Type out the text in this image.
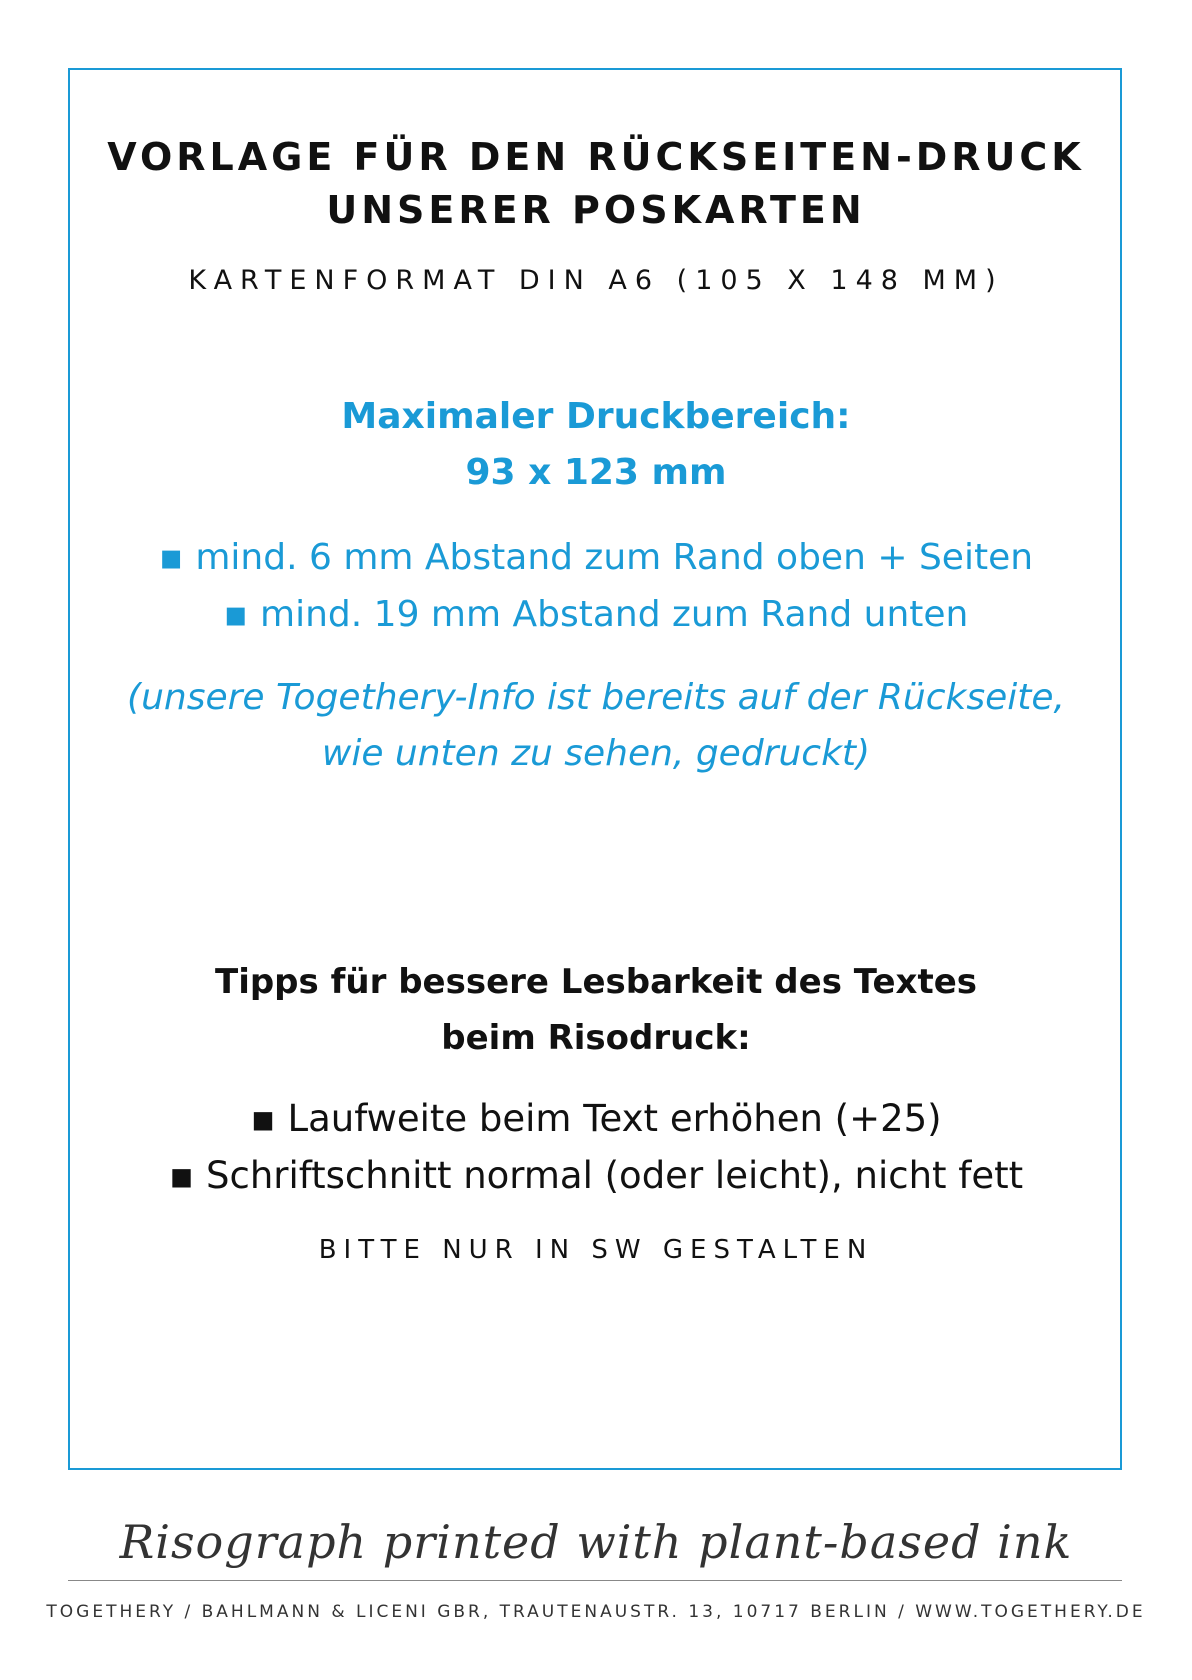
VORLAGE FÜR DEN RÜCKSEITEN-DRUCK
UNSERER POSKARTEN
KARTENFORMAT DIN A6 (105 X 148 MM)
Maximaler Druckbereich:
93 x 123 mm
▪ mind. 6 mm Abstand zum Rand oben + Seiten
▪ mind. 19 mm Abstand zum Rand unten
(unsere Togethery-Info ist bereits auf der Rückseite,
wie unten zu sehen, gedruckt)
Tipps für bessere Lesbarkeit des Textes
beim Risodruck:
▪ Laufweite beim Text erhöhen (+25)
▪ Schriftschnitt normal (oder leicht), nicht fett
BITTE NUR IN SW GESTALTEN
Risograph printed with plant-based ink
TOGETHERY / BAHLMANN & LICENI GBR, TRAUTENAUSTR. 13, 10717 BERLIN / WWW.TOGETHERY.DE
